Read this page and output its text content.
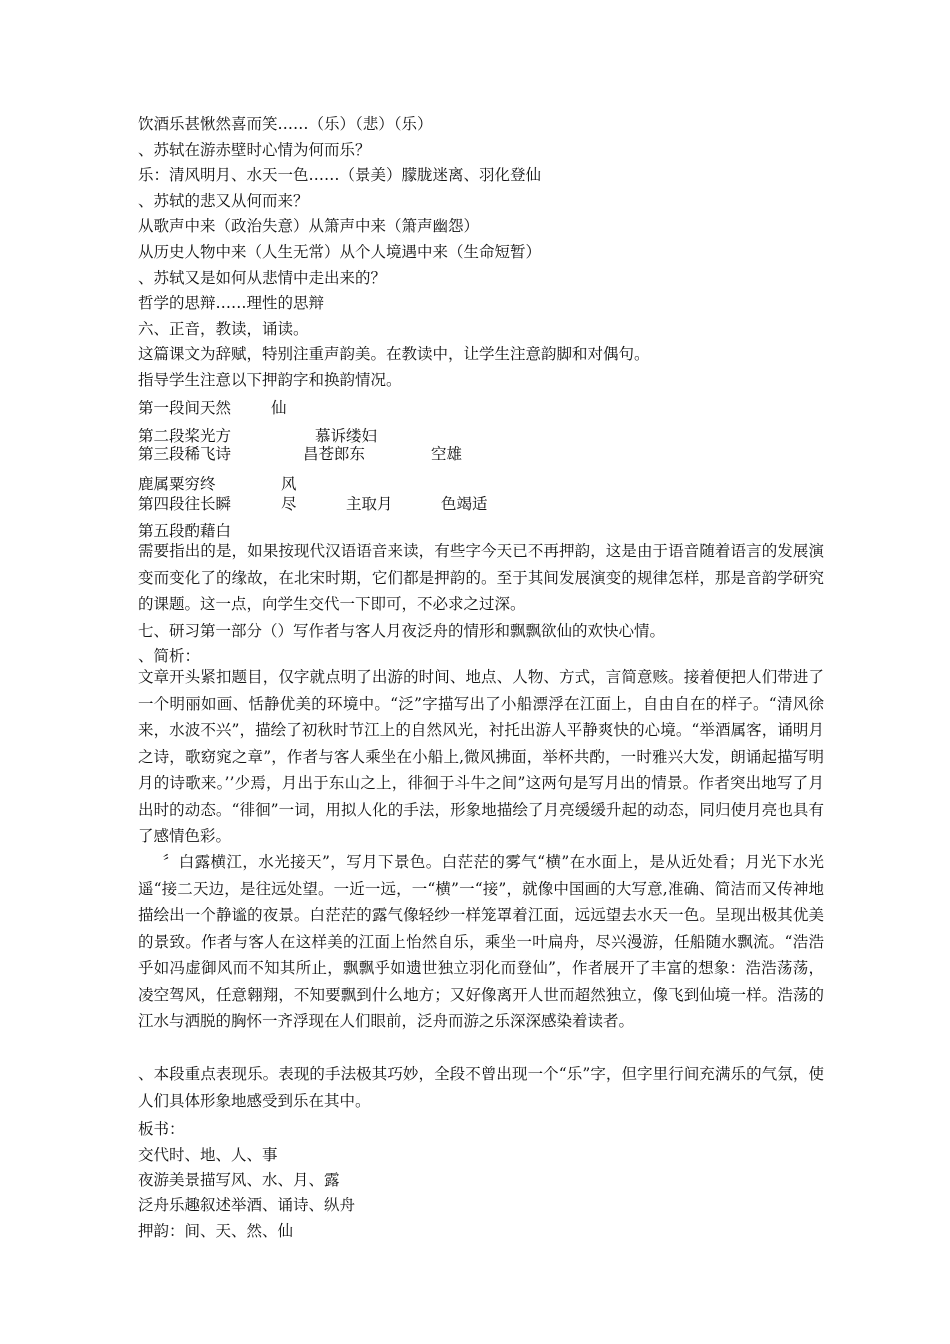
饮酒乐甚愀然喜而笑……（乐）（悲）（乐）
、苏轼在游赤壁时心情为何而乐？
乐：清风明月、水天一色……（景美）朦胧迷离、羽化登仙
、苏轼的悲又从何而来？
从歌声中来（政治失意）从箫声中来（箫声幽怨）
从历史人物中来（人生无常）从个人境遇中来（生命短暂）
、苏轼又是如何从悲情中走出来的？
哲学的思辩……理性的思辩
六、正音，教读，诵读。
这篇课文为辞赋，特别注重声韵美。在教读中，让学生注意韵脚和对偶句。
指导学生注意以下押韵字和换韵情况。
第一段间天然	仙
第二段桨光方	慕诉缕妇
第三段稀飞诗	昌苍郎东	空雄
鹿属粟穷终	风
第四段往长瞬	尽	主取月	色竭适
第五段酌藉白
需要指出的是，如果按现代汉语语音来读，有些字今天已不再押韵，这是由于语音随着语言的发展演变而变化了的缘故，在北宋时期，它们都是押韵的。至于其间发展演变的规律怎样，那是音韵学研究的课题。这一点，向学生交代一下即可，不必求之过深。
七、研习第一部分（）写作者与客人月夜泛舟的情形和飘飘欲仙的欢快心情。
、简析：
文章开头紧扣题目，仅字就点明了出游的时间、地点、人物、方式，言简意赅。接着便把人们带进了一个明丽如画、恬静优美的环境中。“泛”字描写出了小船漂浮在江面上，自由自在的样子。“清风徐来，水波不兴”，描绘了初秋时节江上的自然风光，衬托出游人平静爽快的心境。“举酒属客，诵明月之诗，歌窈窕之章”，作者与客人乘坐在小船上,微风拂面，举杯共酌，一时雅兴大发，朗诵起描写明月的诗歌来。’’少焉，月出于东山之上，徘徊于斗牛之间”这两句是写月出的情景。作者突出地写了月出时的动态。“徘徊”一词，用拟人化的手法，形象地描绘了月亮缓缓升起的动态，同归使月亮也具有了感情色彩。
〞白露横江，水光接天”，写月下景色。白茫茫的雾气“横”在水面上，是从近处看；月光下水光遥“接二天边，是往远处望。一近一远，一“横”一“接”，就像中国画的大写意,准确、简洁而又传神地描绘出一个静谧的夜景。白茫茫的露气像轻纱一样笼罩着江面，远远望去水天一色。呈现出极其优美的景致。作者与客人在这样美的江面上怡然自乐，乘坐一叶扁舟，尽兴漫游，任船随水飘流。“浩浩乎如冯虚御风而不知其所止，飘飘乎如遗世独立羽化而登仙”，作者展开了丰富的想象：浩浩荡荡，凌空驾风，任意翱翔，不知要飘到什么地方；又好像离开人世而超然独立，像飞到仙境一样。浩荡的江水与洒脱的胸怀一齐浮现在人们眼前，泛舟而游之乐深深感染着读者。
、本段重点表现乐。表现的手法极其巧妙，全段不曾出现一个“乐”字，但字里行间充满乐的气氛，使人们具体形象地感受到乐在其中。
板书：
交代时、地、人、事
夜游美景描写风、水、月、露
泛舟乐趣叙述举酒、诵诗、纵舟
押韵：间、天、然、仙
